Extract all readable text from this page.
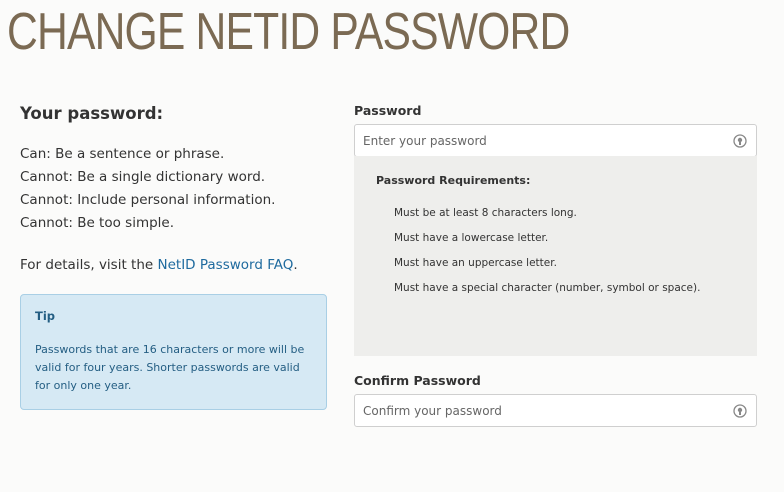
CHANGE NETID PASSWORD
Your password:
Can: Be a sentence or phrase.
Cannot: Be a single dictionary word.
Cannot: Include personal information.
Cannot: Be too simple.
For details, visit the NetID Password FAQ.
Tip
Passwords that are 16 characters or more will be valid for four years. Shorter passwords are valid for only one year.
Password
Password Requirements:
Must be at least 8 characters long.
Must have a lowercase letter.
Must have an uppercase letter.
Must have a special character (number, symbol or space).
Confirm Password
